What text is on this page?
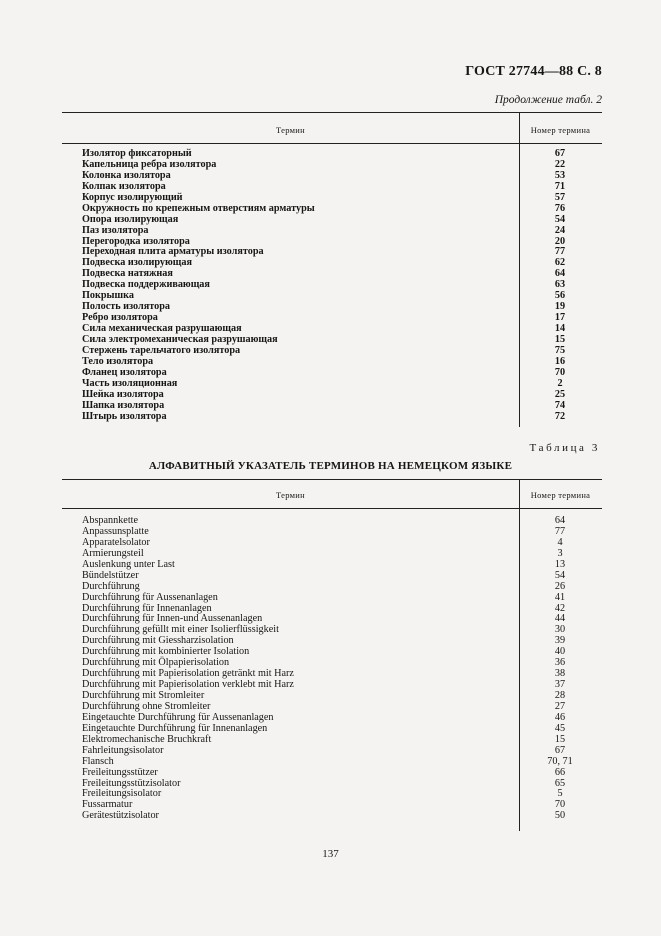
ГОСТ 27744—88 С. 8
Продолжение табл. 2
Термин	Номер термина
Изолятор фиксаторный	67
Капельница ребра изолятора	22
Колонка изолятора	53
Колпак изолятора	71
Корпус изолирующий	57
Окружность по крепежным отверстиям арматуры	76
Опора изолирующая	54
Паз изолятора	24
Перегородка изолятора	20
Переходная плита арматуры изолятора	77
Подвеска изолирующая	62
Подвеска натяжная	64
Подвеска поддерживающая	63
Покрышка	56
Полость изолятора	19
Ребро изолятора	17
Сила механическая разрушающая	14
Сила электромеханическая разрушающая	15
Стержень тарельчатого изолятора	75
Тело изолятора	16
Фланец изолятора	70
Часть изоляционная	2
Шейка изолятора	25
Шапка изолятора	74
Штырь изолятора	72
Таблица 3
АЛФАВИТНЫЙ УКАЗАТЕЛЬ ТЕРМИНОВ НА НЕМЕЦКОМ ЯЗЫКЕ
Термин	Номер термина
Abspannkette	64
Anpassunsplatte	77
Apparatelsolator	4
Armierungsteil	3
Auslenkung unter Last	13
Bündelstützer	54
Durchführung	26
Durchführung für Aussenanlagen	41
Durchführung für Innenanlagen	42
Durchführung für Innen-und Aussenanlagen	44
Durchführung gefüllt mit einer Isolierflüssigkeit	30
Durchführung mit Giessharzisolation	39
Durchführung mit kombinierter Isolation	40
Durchführung mit Ölpapierisolation	36
Durchführung mit Papierisolation getränkt mit Harz	38
Durchführung mit Papierisolation verklebt mit Harz	37
Durchführung mit Stromleiter	28
Durchführung ohne Stromleiter	27
Eingetauchte Durchführung für Aussenanlagen	46
Eingetauchte Durchführung für Innenanlagen	45
Elektromechanische Bruchkraft	15
Fahrleitungsisolator	67
Flansch	70, 71
Freileitungsstützer	66
Freileitungsstützisolator	65
Freileitungsisolator	5
Fussarmatur	70
Gerätestützisolator	50
137
